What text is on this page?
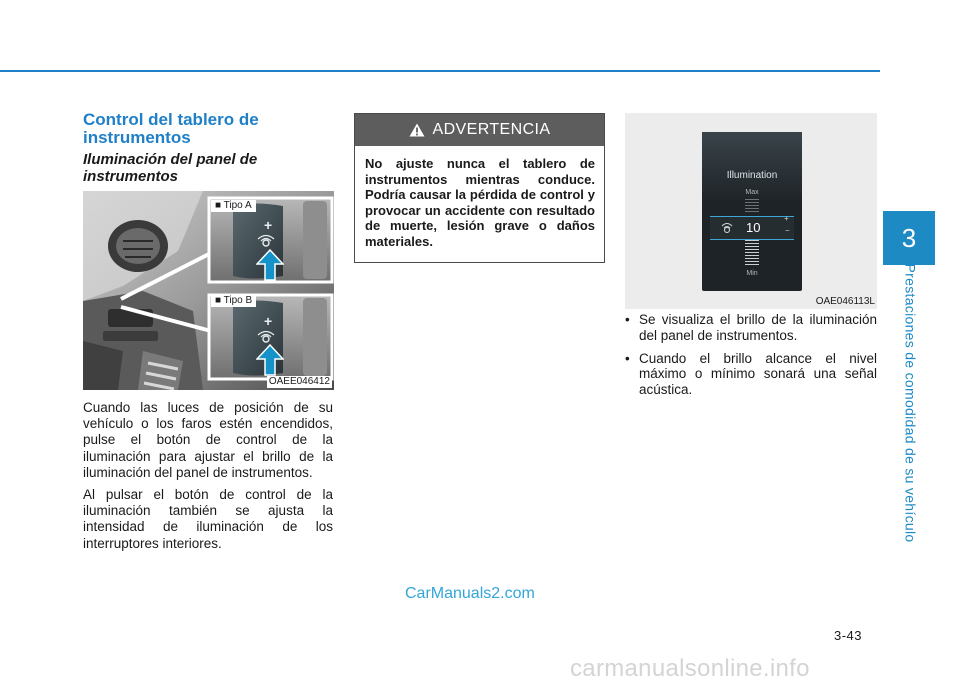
3
Prestaciones de comodidad de su vehículo
Control del tablero de instrumentos
Iluminación del panel de instrumentos
■ Tipo A
■ Tipo B
+
+
OAEE046412

Cuando las luces de posición de su vehículo o los faros estén encendidos, pulse el botón de control de la iluminación para ajustar el brillo de la iluminación del panel de instrumentos.

Al pulsar el botón de control de la iluminación también se ajusta la intensidad de iluminación de los interruptores interiores.

ADVERTENCIA

No ajuste nunca el tablero de instrumentos mientras conduce. Podría causar la pérdida de control y provocar un accidente con resultado de muerte, lesión grave o daños materiales.

Illumination
Max
10
+
−
Min
OAE046113L
• Se visualiza el brillo de la iluminación del panel de instrumentos.
• Cuando el brillo alcance el nivel máximo o mínimo sonará una señal acústica.
3-43
CarManuals2.com
carmanualsonline.info
